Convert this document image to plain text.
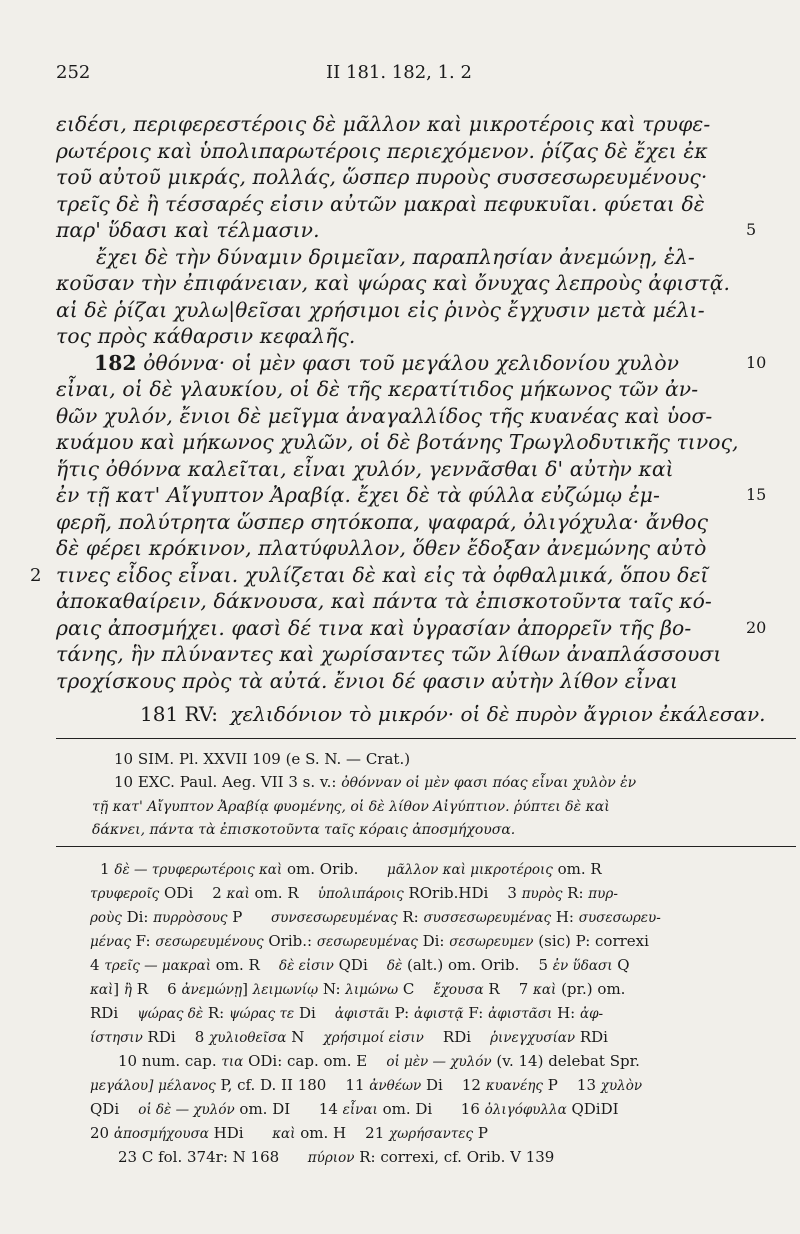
252	II 181. 182, 1. 2
ειδέσι, περιφερεστέροις δὲ μᾶλλον καὶ μικροτέροις καὶ τρυφε-
ρωτέροις καὶ ὑπολιπαρωτέροις περιεχόμενον. ῥίζας δὲ ἔχει ἐκ
τοῦ αὐτοῦ μικράς, πολλάς, ὥσπερ πυροὺς συσσεσωρευμένους·
τρεῖς δὲ ἢ τέσσαρές εἰσιν αὐτῶν μακραὶ πεφυκυῖαι. φύεται δὲ
παρ' ὕδασι καὶ τέλμασιν.	5
ἔχει δὲ τὴν δύναμιν δριμεῖαν, παραπλησίαν ἀνεμώνῃ, ἑλ-
κοῦσαν τὴν ἐπιφάνειαν, καὶ ψώρας καὶ ὄνυχας λεπροὺς ἀφιστᾷ.
αἱ δὲ ῥίζαι χυλω|θεῖσαι χρήσιμοι εἰς ῥινὸς ἔγχυσιν μετὰ μέλι-
τος πρὸς κάθαρσιν κεφαλῆς.
182 ὀθόννα· οἱ μὲν φασι τοῦ μεγάλου χελιδονίου χυλὸν	10
εἶναι, οἱ δὲ γλαυκίου, οἱ δὲ τῆς κερατίτιδος μήκωνος τῶν ἀν-
θῶν χυλόν, ἔνιοι δὲ μεῖγμα ἀναγαλλίδος τῆς κυανέας καὶ ὑοσ-
κυάμου καὶ μήκωνος χυλῶν, οἱ δὲ βοτάνης Τρωγλοδυτικῆς τινος,
ἥτις ὀθόννα καλεῖται, εἶναι χυλόν, γεννᾶσθαι δ' αὐτὴν καὶ
ἐν τῇ κατ' Αἴγυπτον Ἀραβίᾳ. ἔχει δὲ τὰ φύλλα εὐζώμῳ ἐμ-	15
φερῆ, πολύτρητα ὥσπερ σητόκοπα, ψαφαρά, ὀλιγόχυλα· ἄνθος
δὲ φέρει κρόκινον, πλατύφυλλον, ὅθεν ἔδοξαν ἀνεμώνης αὐτὸ
τινες εἶδος εἶναι. χυλίζεται δὲ καὶ εἰς τὰ ὀφθαλμικά, ὅπου δεῖ
2
ἀποκαθαίρειν, δάκνουσα, καὶ πάντα τὰ ἐπισκοτοῦντα ταῖς κό-
ραις ἀποσμήχει. φασὶ δέ τινα καὶ ὑγρασίαν ἀπορρεῖν τῆς βο-	20
τάνης, ἣν πλύναντες καὶ χωρίσαντες τῶν λίθων ἀναπλάσσουσι
τροχίσκους πρὸς τὰ αὐτά. ἔνιοι δέ φασιν αὐτὴν λίθον εἶναι
181 RV: χελιδόνιον τὸ μικρόν· οἱ δὲ πυρὸν ἄγριον ἐκάλεσαν.
10 SIM. Pl. XXVII 109 (e S. N. — Crat.)
10 EXC. Paul. Aeg. VII 3 s. v.: ὀθόνναν οἱ μὲν φασι πόας εἶναι χυλὸν ἐν
τῇ κατ' Αἴγυπτον Ἀραβίᾳ φυομένης, οἱ δὲ λίθον Αἰγύπτιον. ῥύπτει δὲ καὶ
δάκνει, πάντα τὰ ἐπισκοτοῦντα ταῖς κόραις ἀποσμήχουσα.
1 δὲ — τρυφερωτέροις καὶ om. Orib.      μᾶλλον καὶ μικροτέροις om. R
τρυφεροῖς ODi    2 καὶ om. R    ὑπολιπάροις ROrib.HDi    3 πυρὸς R: πυρ-
ροὺς Di: πυρρὸσους P      συνσεσωρευμένας R: συσσεσωρευμένας H: συσεσωρευ-
μένας F: σεσωρευμένους Orib.: σεσωρευμένας Di: σεσωρευμεν (sic) P: correxi
4 τρεῖς — μακραὶ om. R    δὲ εἰσιν QDi    δὲ (alt.) om. Orib.    5 ἐν ὕδασι Q
καὶ] ἢ R    6 ἀνεμώνῃ] λειμωνίῳ N: λιμώνω C    ἔχουσα R    7 καὶ (pr.) om.
RDi    ψώρας δὲ R: ψώρας τε Di    ἀφιστᾶι P: ἀφιστᾷ F: ἀφιστᾶσι H: ἀφ-
ίστησιν RDi    8 χυλιοθεῖσα N    χρήσιμοί εἰσιν    RDi    ῥινεγχυσίαν RDi
10 num. cap. τια ODi: cap. om. E    οἱ μὲν — χυλόν (v. 14) delebat Spr.
μεγάλου] μέλανος P, cf. D. II 180    11 ἀνθέων Di    12 κυανέης P    13 χυλὸν
QDi    οἱ δὲ — χυλόν om. DI      14 εἶναι om. Di      16 ὀλιγόφυλλα QDiDI
20 ἀποσμήχουσα HDi      καὶ om. H    21 χωρήσαντες P
23 C fol. 374r: N 168      πύριον R: correxi, cf. Orib. V 139
